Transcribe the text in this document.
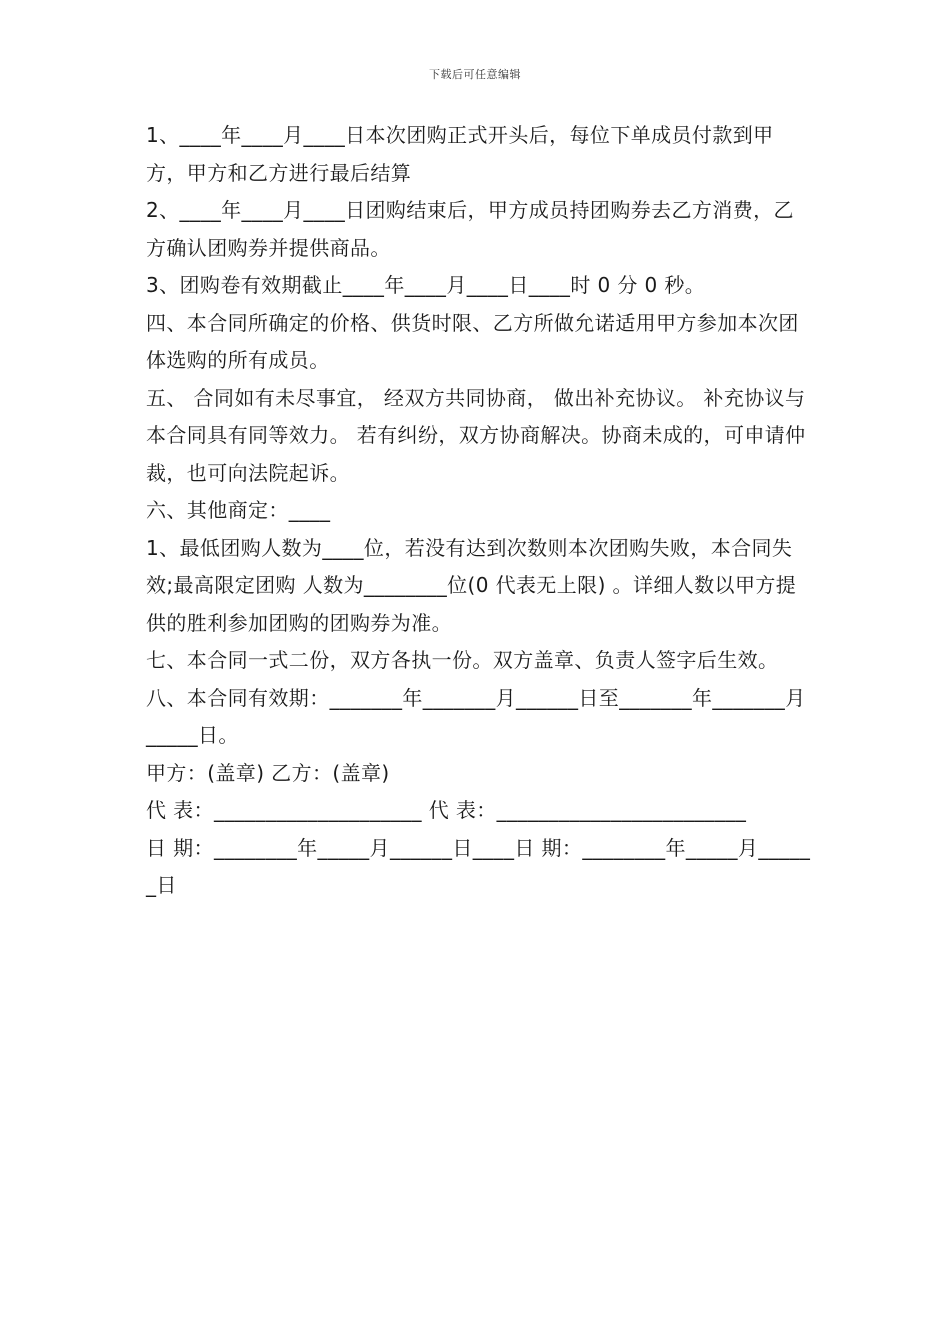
下载后可任意编辑

1、____年____月____日本次团购正式开头后，每位下单成员付款到甲方，甲方和乙方进行最后结算

2、____年____月____日团购结束后，甲方成员持团购券去乙方消费，乙方确认团购券并提供商品。

3、团购卷有效期截止____年____月____日____时 0 分 0 秒。

四、本合同所确定的价格、供货时限、乙方所做允诺适用甲方参加本次团体选购的所有成员。

五、 合同如有未尽事宜， 经双方共同协商， 做出补充协议。 补充协议与本合同具有同等效力。 若有纠纷，双方协商解决。协商未成的，可申请仲裁，也可向法院起诉。

六、其他商定：____

1、最低团购人数为____位，若没有达到次数则本次团购失败，本合同失效;最高限定团购 人数为________位(0 代表无上限) 。详细人数以甲方提供的胜利参加团购的团购券为准。

七、本合同一式二份，双方各执一份。双方盖章、负责人签字后生效。

八、本合同有效期：_______年_______月______日至_______年_______月_____日。

甲方：(盖章) 乙方：(盖章)

代 表：____________________ 代 表：________________________

日 期：________年_____月______日____日 期：________年_____月______日
